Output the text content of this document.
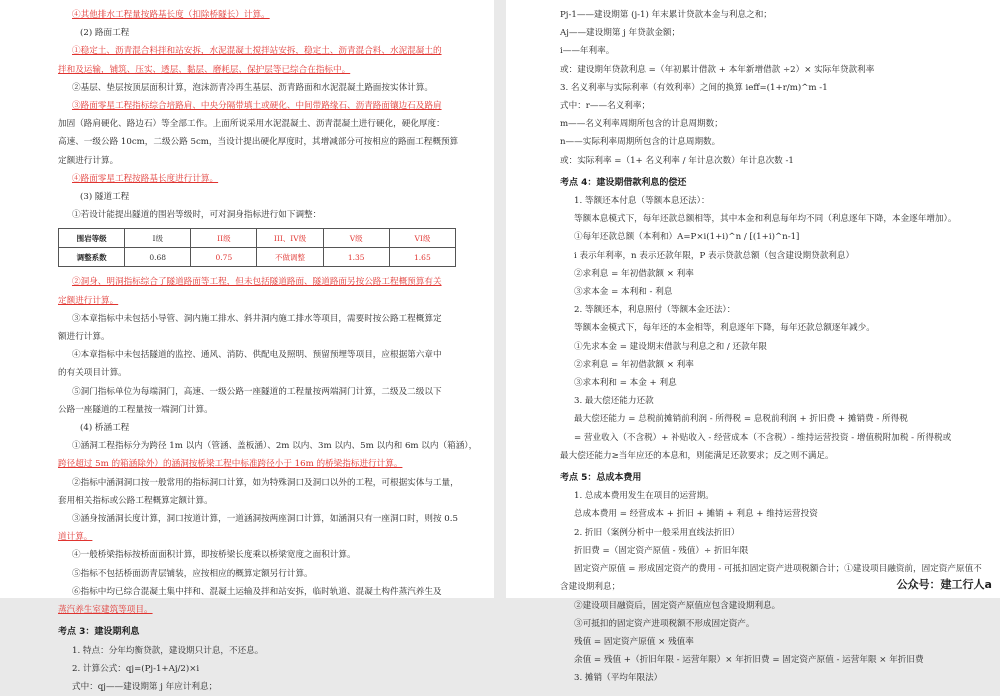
④其他排水工程量按路基长度（扣除桥隧长）计算。
(2) 路面工程
①稳定土、沥青混合料拌和站安拆，水泥混凝土搅拌站安拆，稳定土、沥青混合料、水泥混凝土的
拌和及运输，铺筑、压实、透层、黏层、磨耗层、保护层等已综合在指标中。
②基层、垫层按顶层面积计算，泡沫沥青冷再生基层、沥青路面和水泥混凝土路面按实体计算。
③路面零星工程指标综合培路肩、中央分隔带填土或硬化、中间带路缘石、沥青路面镶边石及路肩
加固（路肩硬化、路边石）等全部工作。上面所说采用水泥混凝土、沥青混凝土进行硬化，硬化厚度：
高速、一级公路 10cm，二级公路 5cm，当设计提出硬化厚度时，其增减部分可按相应的路面工程概预算
定额进行计算。
④路面零星工程按路基长度进行计算。
(3) 隧道工程
①若设计能提出隧道的围岩等级时，可对洞身指标进行如下调整：
围岩等级	I级	II级	III、IV级	V级	VI级
调整系数	0.68	0.75	不做调整	1.35	1.65
②洞身、明洞指标综合了隧道路面等工程，但未包括隧道路面、隧道路面另按公路工程概预算有关
定额进行计算。
③本章指标中未包括小导管、洞内施工排水、斜井洞内施工排水等项目，需要时按公路工程概算定
额进行计算。
④本章指标中未包括隧道的监控、通风、消防、供配电及照明、预留预埋等项目，应根据第六章中
的有关项目计算。
⑤洞门指标单位为每端洞门，高速、一级公路一座隧道的工程量按两端洞门计算，二级及二级以下
公路一座隧道的工程量按一端洞门计算。
(4) 桥涵工程
①涵洞工程指标分为跨径 1m 以内（管涵、盖板涵）、2m 以内、3m 以内、5m 以内和 6m 以内（箱涵），
跨径超过 5m 的箱涵除外）的涵洞按桥梁工程中标准跨径小于 16m 的桥梁指标进行计算。
②指标中涵洞洞口按一般常用的指标洞口计算，如为特殊洞口及洞口以外的工程，可根据实体与工量，
套用相关指标或公路工程概算定额计算。
③涵身按涵洞长度计算，洞口按道计算，一道涵洞按两座洞口计算，如涵洞只有一座洞口时，则按 0.5
道计算。
④一般桥梁指标按桥面面积计算，即按桥梁长度乘以桥梁宽度之面积计算。
⑤指标不包括桥面沥青层铺装，应按相应的概算定额另行计算。
⑥指标中均已综合混凝土集中拌和、混凝土运输及拌和站安拆，临时轨道、混凝土构件蒸汽养生及
蒸汽养生室建筑等项目。
考点 3：建设期利息
1. 特点：分年均衡贷款，建设期只计息，不还息。
2. 计算公式：qj=(Pj-1+Aj/2)×i
式中：qj——建设期第 j 年应计利息；
Pj-1——建设期第 (j-1) 年末累计贷款本金与利息之和；
Aj——建设期第 j 年贷款金额；
i——年利率。
或：建设期年贷款利息 =（年初累计借款 + 本年新增借款 ÷2）× 实际年贷款利率
3. 名义利率与实际利率（有效利率）之间的换算 ieff=(1+r/m)^m -1
式中：r——名义利率；
m——名义利率周期所包含的计息周期数；
n——实际利率周期所包含的计息周期数。
或：实际利率 =（1+ 名义利率 / 年计息次数）年计息次数 -1
考点 4：建设期借款利息的偿还
1. 等额还本付息（等额本息还法）：
等额本息模式下，每年还款总额相等，其中本金和利息每年均不同（利息逐年下降，本金逐年增加）。
①每年还款总额（本利和）A=P×i(1+i)^n / [(1+i)^n-1]
i 表示年利率，n 表示还款年限，P 表示贷款总额（包含建设期贷款利息）
②求利息 = 年初借款额 × 利率
③求本金 = 本利和 - 利息
2. 等额还本，利息照付（等额本金还法）：
等额本金模式下，每年还的本金相等，利息逐年下降，每年还款总额逐年减少。
①先求本金 = 建设期末借款与利息之和 / 还款年限
②求利息 = 年初借款额 × 利率
③求本利和 = 本金 + 利息
3. 最大偿还能力还款
最大偿还能力 = 总税前摊销前利润 - 所得税 = 息税前利润 + 折旧费 + 摊销费 - 所得税
= 营业收入（不含税）+ 补贴收入 - 经营成本（不含税）- 维持运营投资 - 增值税附加税 - 所得税或
最大偿还能力≥当年应还的本息和，则能满足还款要求；反之则不满足。
考点 5：总成本费用
1. 总成本费用发生在项目的运营期。
总成本费用 = 经营成本 + 折旧 + 摊销 + 利息 + 维持运营投资
2. 折旧（案例分析中一般采用直线法折旧）
折旧费 =（固定资产原值 - 残值）÷ 折旧年限
固定资产原值 = 形成固定资产的费用 - 可抵扣固定资产进项税额合计；①建设项目融资前，固定资产原值不
含建设期利息；
②建设项目融资后，固定资产原值应包含建设期利息。
③可抵扣的固定资产进项税额不形成固定资产。
残值 = 固定资产原值 × 残值率
余值 = 残值 +（折旧年限 - 运营年限）× 年折旧费 = 固定资产原值 - 运营年限 × 年折旧费
3. 摊销（平均年限法）
公众号：建工行人a
